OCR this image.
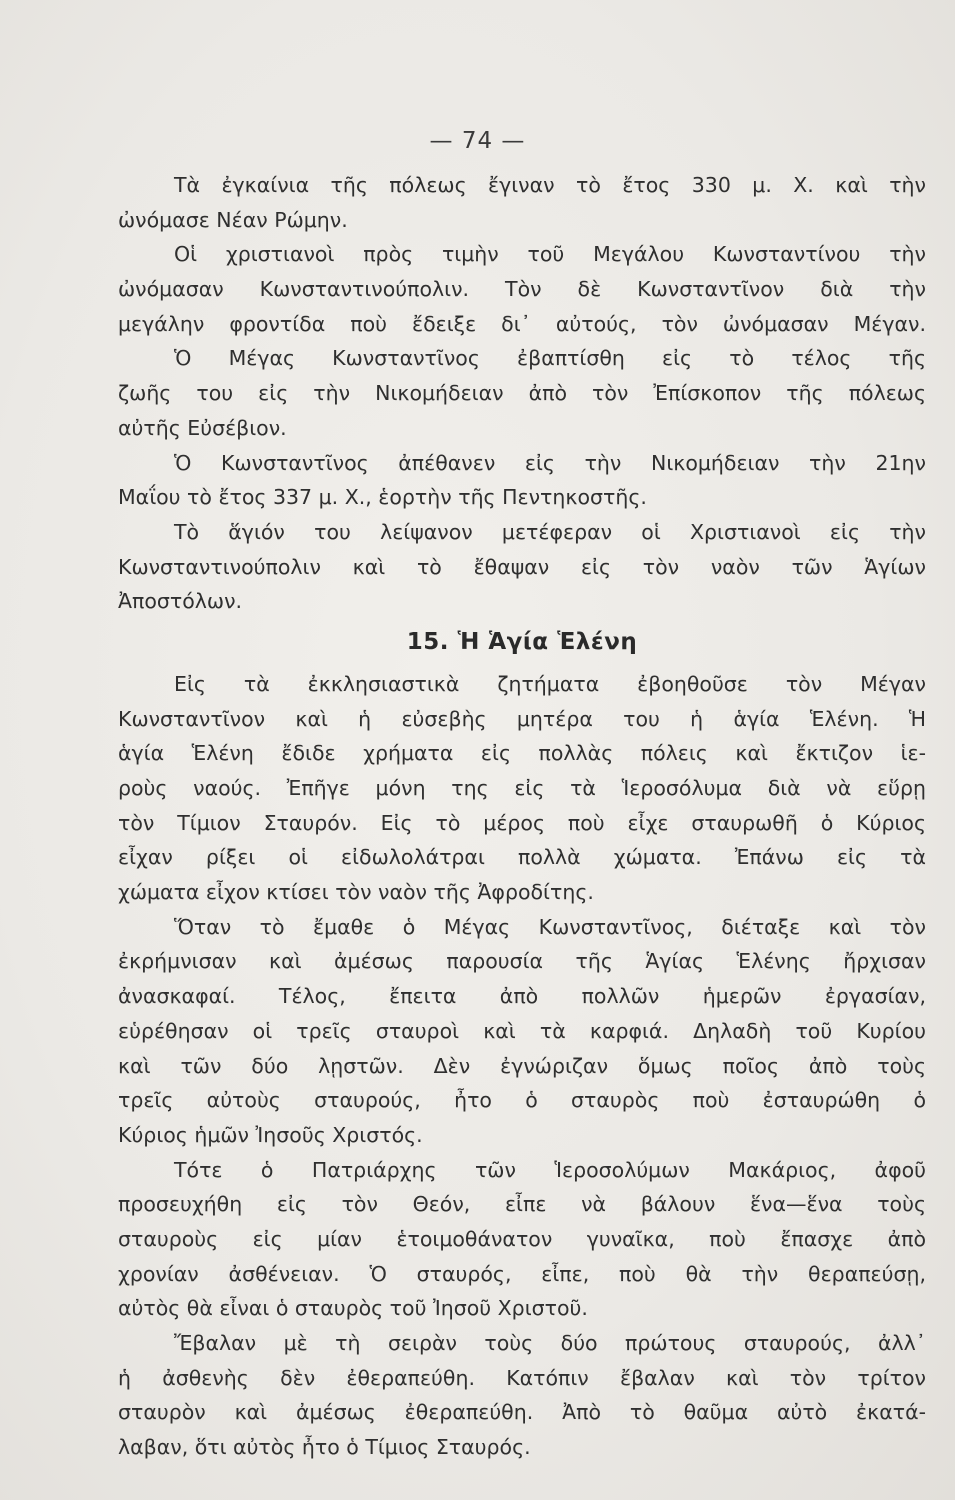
— 74 —
Τὰ ἐγκαίνια τῆς πόλεως ἔγιναν τὸ ἔτος 330 μ. Χ. καὶ τὴν
ὠνόμασε Νέαν Ρώμην.
Οἱ χριστιανοὶ πρὸς τιμὴν τοῦ Μεγάλου Κωνσταντίνου τὴν
ὠνόμασαν Κωνσταντινούπολιν. Τὸν δὲ Κωνσταντῖνον διὰ τὴν
μεγάλην φροντίδα ποὺ ἔδειξε δι᾽ αὐτούς, τὸν ὠνόμασαν Μέγαν.
Ὁ Μέγας Κωνσταντῖνος ἐβαπτίσθη εἰς τὸ τέλος τῆς
ζωῆς του εἰς τὴν Νικομήδειαν ἀπὸ τὸν Ἐπίσκοπον τῆς πόλεως
αὐτῆς Εὐσέβιον.
Ὁ Κωνσταντῖνος ἀπέθανεν εἰς τὴν Νικομήδειαν τὴν 21ην
Μαΐου τὸ ἔτος 337 μ. Χ., ἑορτὴν τῆς Πεντηκοστῆς.
Τὸ ἅγιόν του λείψανον μετέφεραν οἱ Χριστιανοὶ εἰς τὴν
Κωνσταντινούπολιν καὶ τὸ ἔθαψαν εἰς τὸν ναὸν τῶν Ἁγίων
Ἀποστόλων.
15. Ἡ Ἁγία Ἑλένη
Εἰς τὰ ἐκκλησιαστικὰ ζητήματα ἐβοηθοῦσε τὸν Μέγαν
Κωνσταντῖνον καὶ ἡ εὐσεβὴς μητέρα του ἡ ἁγία Ἑλένη. Ἡ
ἁγία Ἑλένη ἔδιδε χρήματα εἰς πολλὰς πόλεις καὶ ἔκτιζον ἱε-
ροὺς ναούς. Ἐπῆγε μόνη της εἰς τὰ Ἱεροσόλυμα διὰ νὰ εὕρῃ
τὸν Τίμιον Σταυρόν. Εἰς τὸ μέρος ποὺ εἶχε σταυρωθῆ ὁ Κύριος
εἶχαν ρίξει οἱ εἰδωλολάτραι πολλὰ χώματα. Ἐπάνω εἰς τὰ
χώματα εἶχον κτίσει τὸν ναὸν τῆς Ἀφροδίτης.
Ὅταν τὸ ἔμαθε ὁ Μέγας Κωνσταντῖνος, διέταξε καὶ τὸν
ἐκρήμνισαν καὶ ἀμέσως παρουσία τῆς Ἁγίας Ἑλένης ἤρχισαν
ἀνασκαφαί. Τέλος, ἔπειτα ἀπὸ πολλῶν ἡμερῶν ἐργασίαν,
εὑρέθησαν οἱ τρεῖς σταυροὶ καὶ τὰ καρφιά. Δηλαδὴ τοῦ Κυρίου
καὶ τῶν δύο λῃστῶν. Δὲν ἐγνώριζαν ὅμως ποῖος ἀπὸ τοὺς
τρεῖς αὐτοὺς σταυρούς, ἦτο ὁ σταυρὸς ποὺ ἐσταυρώθη ὁ
Κύριος ἡμῶν Ἰησοῦς Χριστός.
Τότε ὁ Πατριάρχης τῶν Ἱεροσολύμων Μακάριος, ἀφοῦ
προσευχήθη εἰς τὸν Θεόν, εἶπε νὰ βάλουν ἕνα—ἕνα τοὺς
σταυροὺς εἰς μίαν ἑτοιμοθάνατον γυναῖκα, ποὺ ἔπασχε ἀπὸ
χρονίαν ἀσθένειαν. Ὁ σταυρός, εἶπε, ποὺ θὰ τὴν θεραπεύσῃ,
αὐτὸς θὰ εἶναι ὁ σταυρὸς τοῦ Ἰησοῦ Χριστοῦ.
Ἔβαλαν μὲ τὴ σειρὰν τοὺς δύο πρώτους σταυρούς, ἀλλ᾽
ἡ ἀσθενὴς δὲν ἐθεραπεύθη. Κατόπιν ἔβαλαν καὶ τὸν τρίτον
σταυρὸν καὶ ἀμέσως ἐθεραπεύθη. Ἀπὸ τὸ θαῦμα αὐτὸ ἐκατά-
λαβαν, ὅτι αὐτὸς ἦτο ὁ Τίμιος Σταυρός.
